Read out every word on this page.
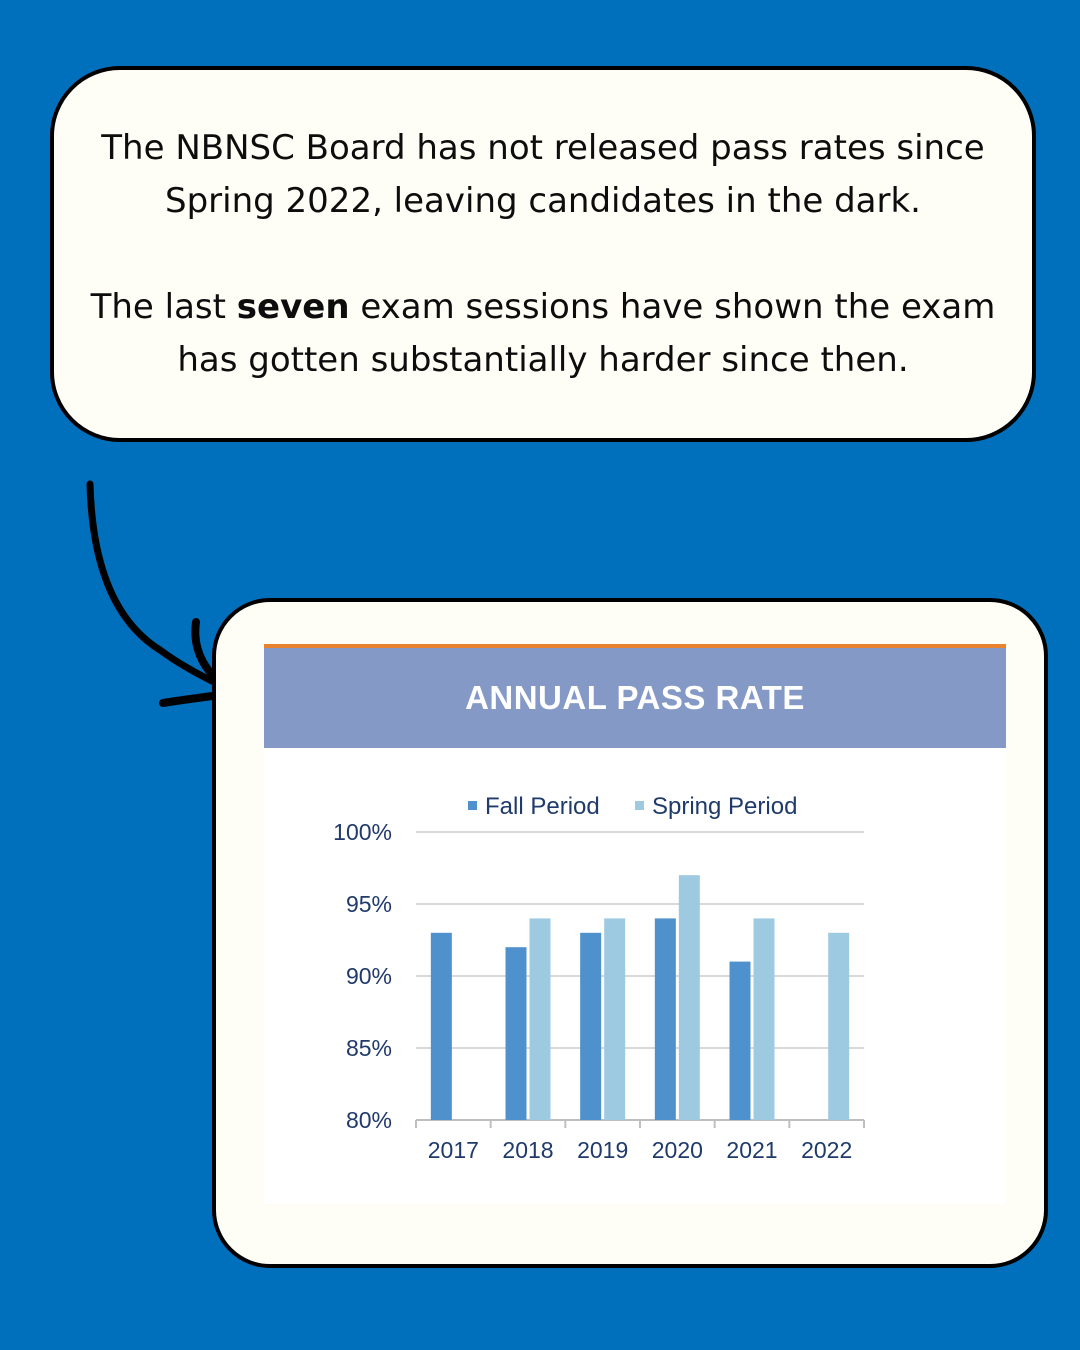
The NBNSC Board has not released pass rates since Spring 2022, leaving candidates in the dark.

The last seven exam sessions have shown the exam has gotten substantially harder since then.

ANNUAL PASS RATE
80%
85%
90%
95%
100%
2017 2018 2019 2020 2021 2022
Fall Period Spring Period
